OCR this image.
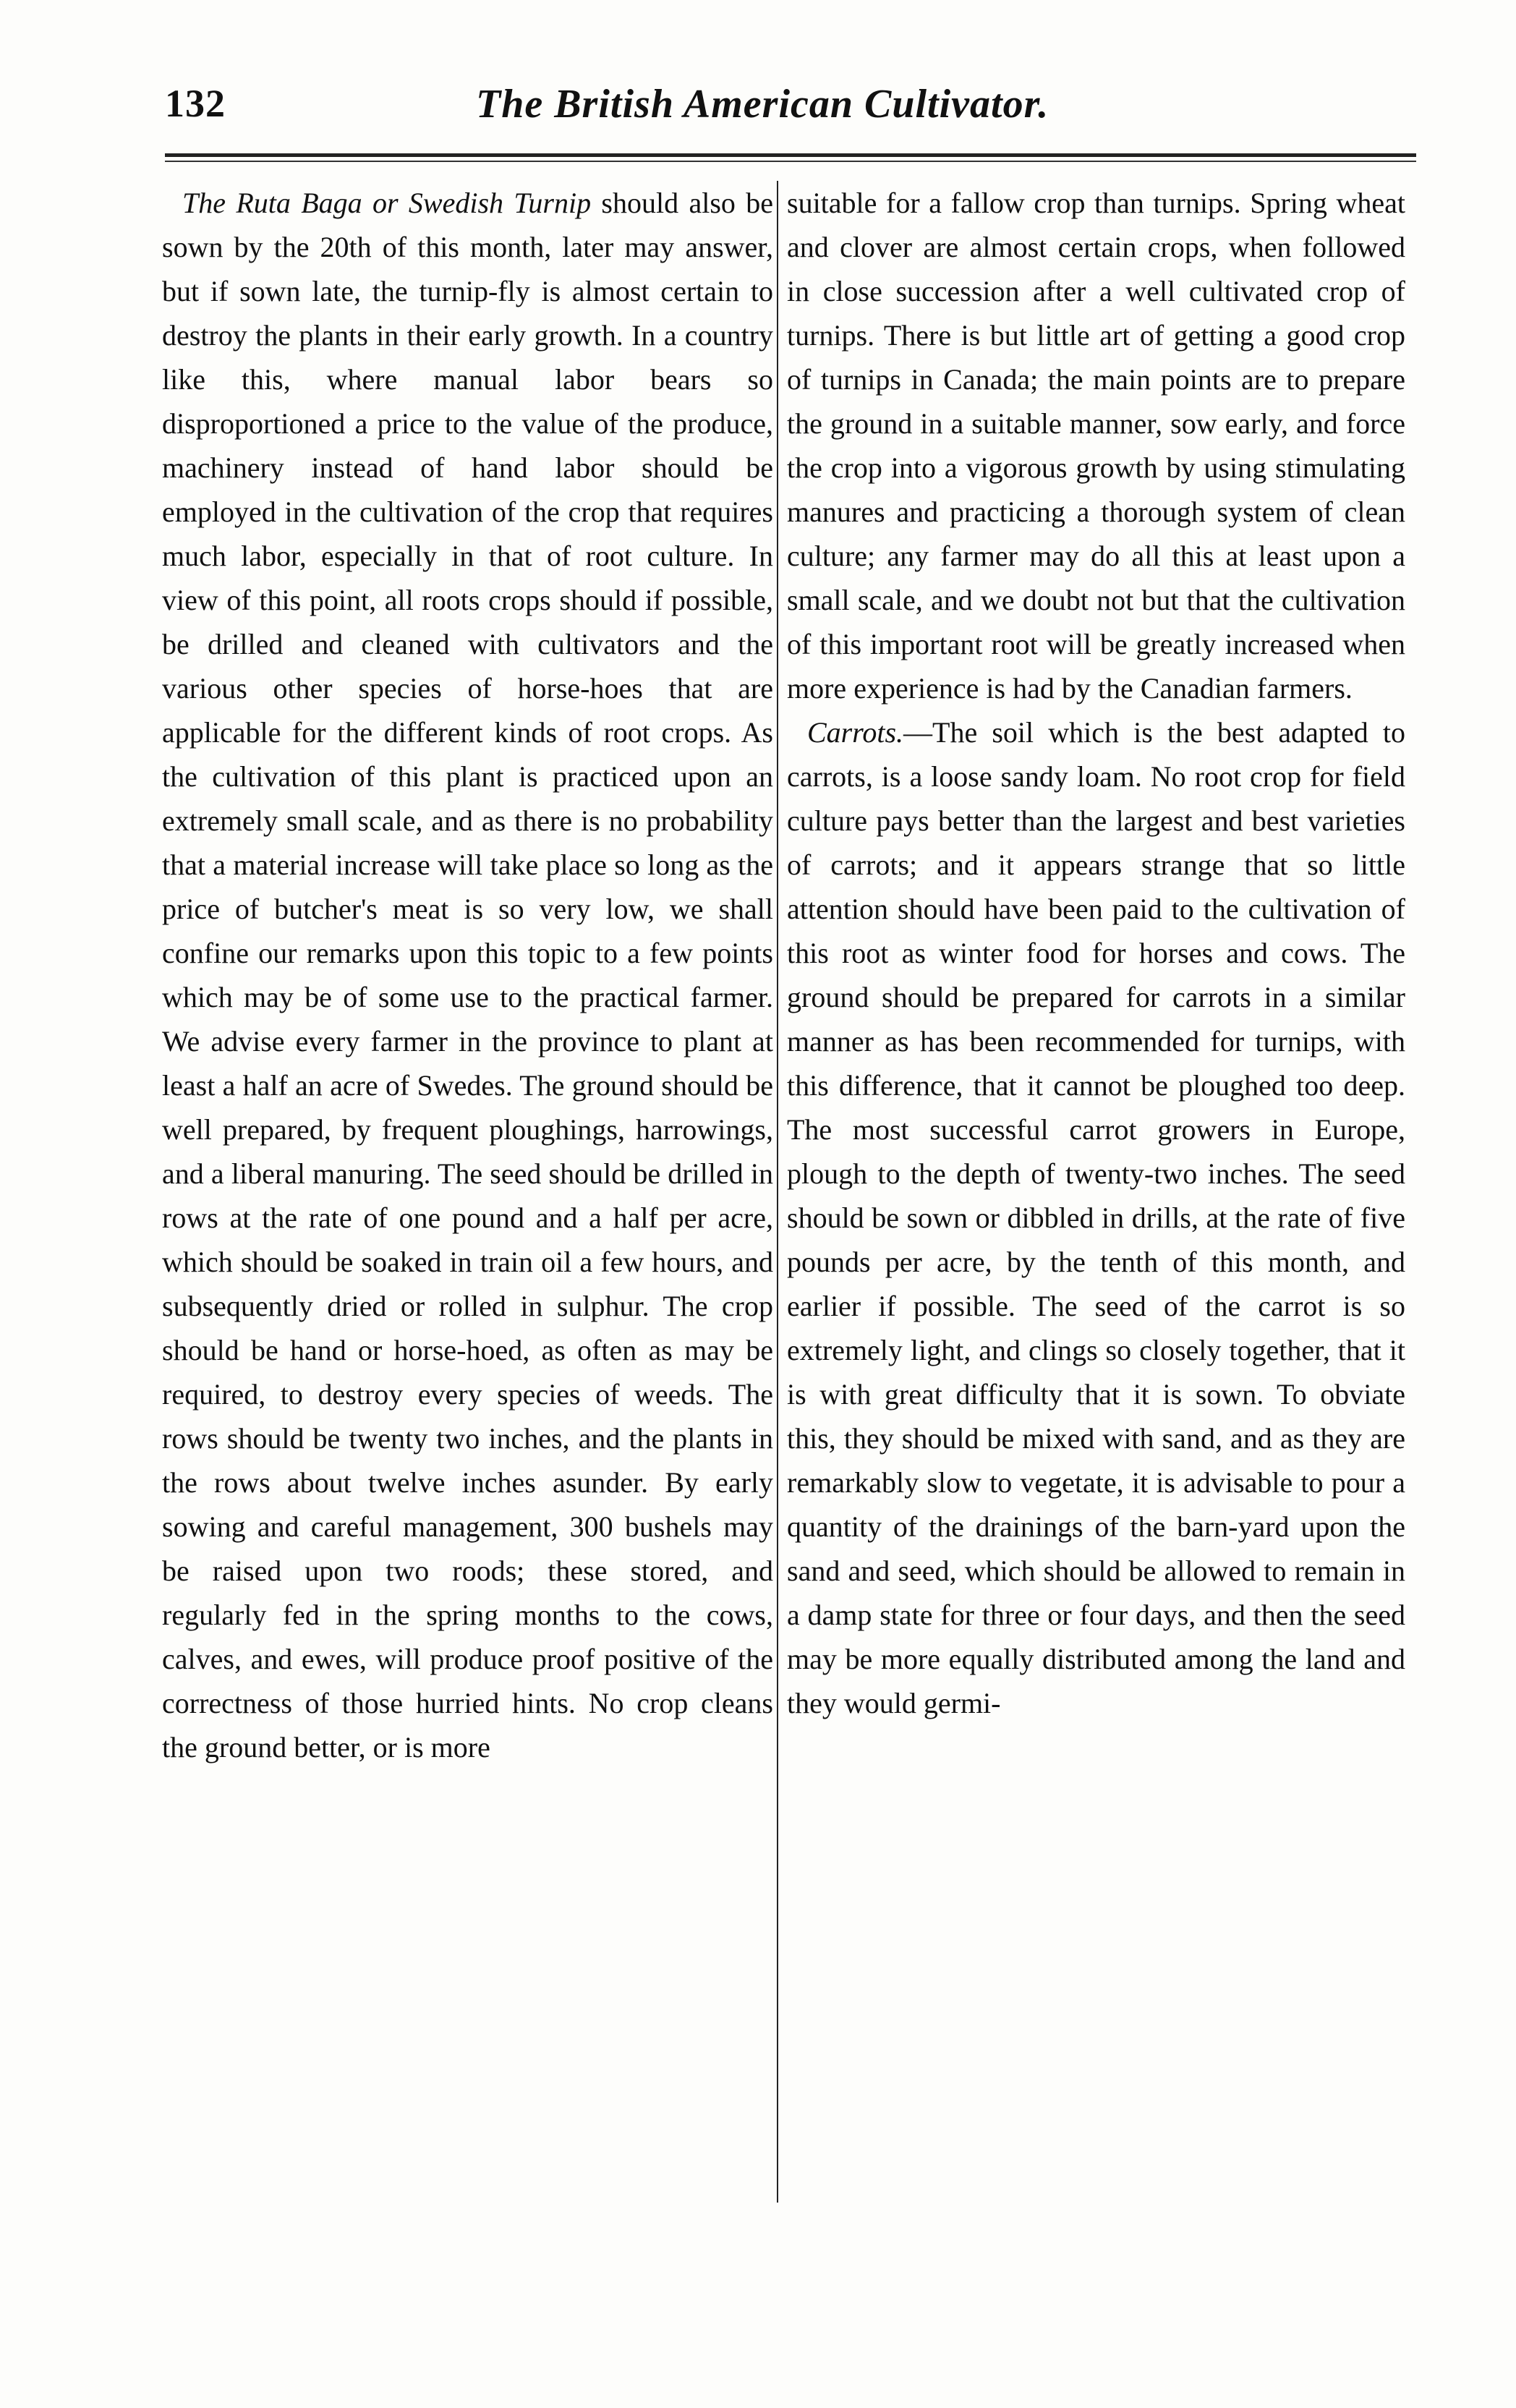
132	The British American Cultivator.

The Ruta Baga or Swedish Turnip should also be sown by the 20th of this month, later may answer, but if sown late, the turnip-fly is almost certain to destroy the plants in their early growth. In a country like this, where manual labor bears so disproportioned a price to the value of the produce, machinery instead of hand labor should be employed in the cultivation of the crop that requires much labor, especially in that of root culture. In view of this point, all roots crops should if possible, be drilled and cleaned with cultivators and the various other species of horse-hoes that are applicable for the different kinds of root crops. As the cultivation of this plant is practiced upon an extremely small scale, and as there is no probability that a material increase will take place so long as the price of butcher's meat is so very low, we shall confine our remarks upon this topic to a few points which may be of some use to the practical farmer. We advise every farmer in the province to plant at least a half an acre of Swedes. The ground should be well prepared, by frequent ploughings, harrowings, and a liberal manuring. The seed should be drilled in rows at the rate of one pound and a half per acre, which should be soaked in train oil a few hours, and subsequently dried or rolled in sulphur. The crop should be hand or horse-hoed, as often as may be required, to destroy every species of weeds. The rows should be twenty two inches, and the plants in the rows about twelve inches asunder. By early sowing and careful management, 300 bushels may be raised upon two roods; these stored, and regularly fed in the spring months to the cows, calves, and ewes, will produce proof positive of the correctness of those hurried hints. No crop cleans the ground better, or is more

suitable for a fallow crop than turnips. Spring wheat and clover are almost certain crops, when followed in close succession after a well cultivated crop of turnips. There is but little art of getting a good crop of turnips in Canada; the main points are to prepare the ground in a suitable manner, sow early, and force the crop into a vigorous growth by using stimulating manures and practicing a thorough system of clean culture; any farmer may do all this at least upon a small scale, and we doubt not but that the cultivation of this important root will be greatly increased when more experience is had by the Canadian farmers.

Carrots.—The soil which is the best adapted to carrots, is a loose sandy loam. No root crop for field culture pays better than the largest and best varieties of carrots; and it appears strange that so little attention should have been paid to the cultivation of this root as winter food for horses and cows. The ground should be prepared for carrots in a similar manner as has been recommended for turnips, with this difference, that it cannot be ploughed too deep. The most successful carrot growers in Europe, plough to the depth of twenty-two inches. The seed should be sown or dibbled in drills, at the rate of five pounds per acre, by the tenth of this month, and earlier if possible. The seed of the carrot is so extremely light, and clings so closely together, that it is with great difficulty that it is sown. To obviate this, they should be mixed with sand, and as they are remarkably slow to vegetate, it is advisable to pour a quantity of the drainings of the barn-yard upon the sand and seed, which should be allowed to remain in a damp state for three or four days, and then the seed may be more equally distributed among the land and they would germi-
